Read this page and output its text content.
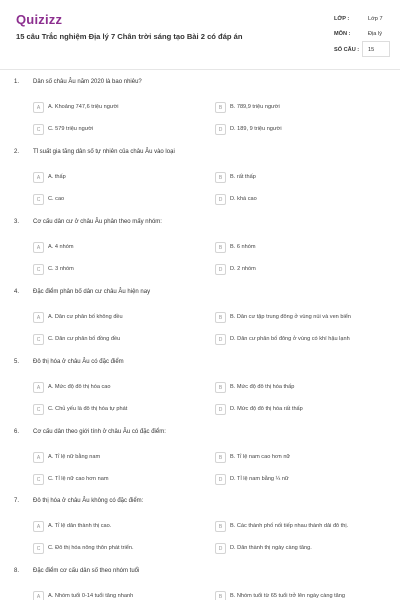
Quizizz
15 câu Trắc nghiệm Địa lý 7 Chân trời sáng tạo Bài 2 có đáp án
LỚP :	Lớp 7
MÔN :	Địa lý
SỐ CÂU : 15
1. Dân số châu Âu năm 2020 là bao nhiêu?
A	A. Khoảng 747,6 triệu người	B	B. 789,9 triệu người
C	C. 579 triệu người	D	D. 189, 9 triệu người
2. Tỉ suất gia tăng dân số tự nhiên của châu Âu vào loại
A	A. thấp	B	B. rất thấp
C	C. cao	D	D. khá cao
3. Cơ cấu dân cư ở châu Âu phân theo mấy nhóm:
A	A. 4 nhóm	B	B. 6 nhóm
C	C. 3 nhóm	D	D. 2 nhóm
4. Đặc điểm phân bố dân cư châu Âu hiện nay
A	A. Dân cư phân bố không đều	B	B. Dân cư tập trung đông ở vùng núi và ven biển
C	C. Dân cư phân bố đồng đều	D	D. Dân cư phân bố đông ở vùng có khí hậu lạnh
5. Đô thị hóa ở châu Âu có đặc điểm
A	A. Mức độ đô thị hóa cao	B	B. Mức độ đô thị hóa thấp
C	C. Chủ yếu là đô thị hóa tự phát	D	D. Mức độ đô thị hóa rất thấp
6. Cơ cấu dân theo giới tính ở châu Âu có đặc điểm:
A	A. Tỉ lệ nữ bằng nam	B	B. Tỉ lệ nam cao hơn nữ
C	C. Tỉ lệ nữ cao hơn nam	D	D. Tỉ lệ nam bằng ¼ nữ
7. Đô thị hóa ở châu Âu không có đặc điểm:
A	A. Tỉ lệ dân thành thị cao.	B	B. Các thành phố nối tiếp nhau thành dải đô thị.
C	C. Đô thị hóa nông thôn phát triển.	D	D. Dân thành thị ngày càng tăng.
8. Đặc điểm cơ cấu dân số theo nhóm tuổi
A	A. Nhóm tuổi 0-14 tuổi tăng nhanh	B	B. Nhóm tuổi từ 65 tuổi trở lên ngày càng tăng
